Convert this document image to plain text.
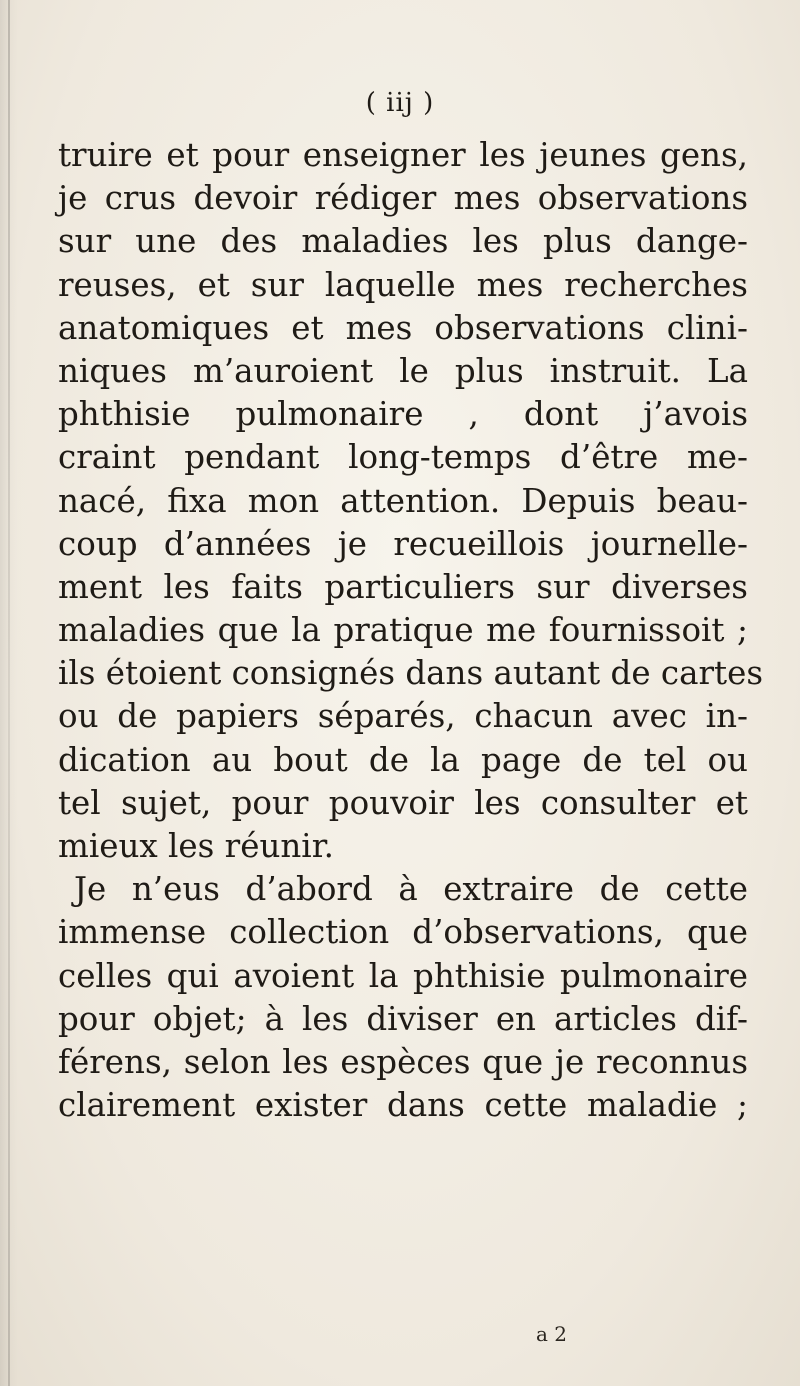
( iij )
truire et pour enseigner les jeunes gens,
je crus devoir rédiger mes observations
sur une des maladies les plus dange-
reuses, et sur laquelle mes recherches
anatomiques et mes observations clini-
niques m’auroient le plus instruit. La
phthisie pulmonaire , dont j’avois
craint pendant long-temps d’être me-
nacé, fixa mon attention. Depuis beau-
coup d’années je recueillois journelle-
ment les faits particuliers sur diverses
maladies que la pratique me fournissoit ;
ils étoient consignés dans autant de cartes
ou de papiers séparés, chacun avec in-
dication au bout de la page de tel ou
tel sujet, pour pouvoir les consulter et
mieux les réunir.
Je n’eus d’abord à extraire de cette
immense collection d’observations, que
celles qui avoient la phthisie pulmonaire
pour objet; à les diviser en articles dif-
férens, selon les espèces que je reconnus
clairement exister dans cette maladie ;
a 2
